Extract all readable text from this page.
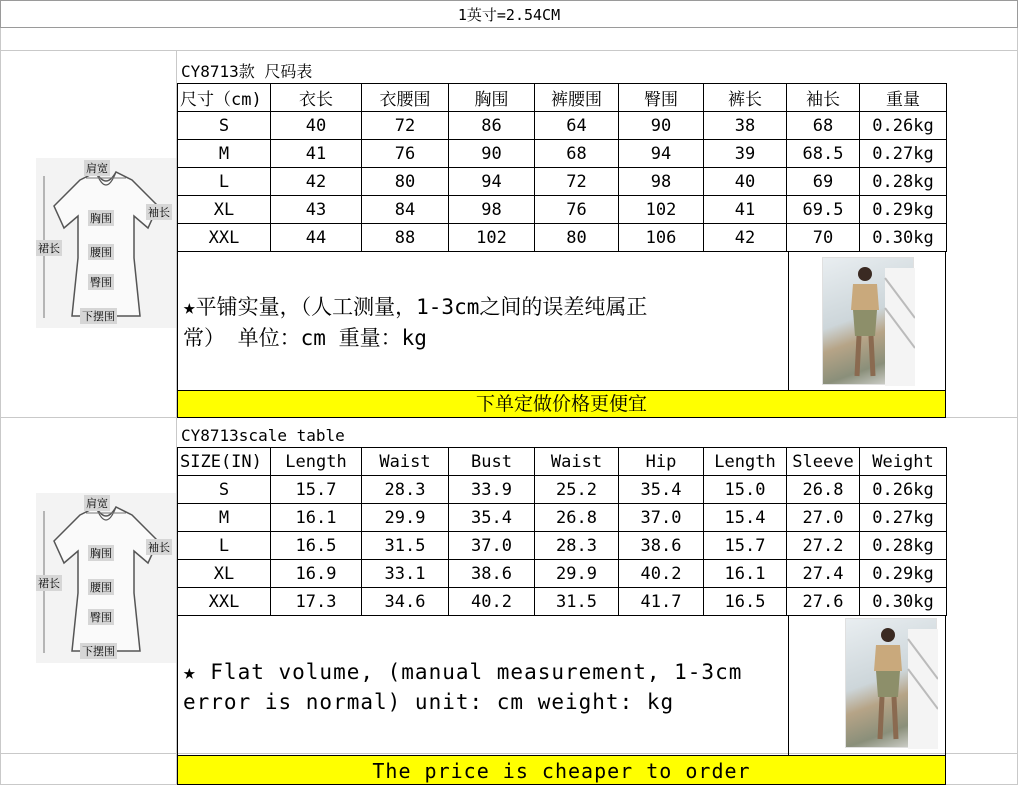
1英寸=2.54CM
肩宽
袖长
胸围
裙长	腰围
臀围
下摆围
CY8713款 尺码表
尺寸（cm)	衣长	衣腰围	胸围	裤腰围	臀围	裤长	袖长	重量
S	40	72	86	64	90	38	68	0.26kg
M	41	76	90	68	94	39	68.5	0.27kg
L	42	80	94	72	98	40	69	0.28kg
XL	43	84	98	76	102	41	69.5	0.29kg
XXL	44	88	102	80	106	42	70	0.30kg
★平铺实量，（人工测量，1-3cm之间的误差纯属正
常） 单位：cm 重量：kg
下单定做价格更便宜
肩宽
袖长
胸围
裙长	腰围
臀围
下摆围
CY8713scale table
SIZE(IN)	Length	Waist	Bust	Waist	Hip	Length	Sleeve	Weight
S	15.7	28.3	33.9	25.2	35.4	15.0	26.8	0.26kg
M	16.1	29.9	35.4	26.8	37.0	15.4	27.0	0.27kg
L	16.5	31.5	37.0	28.3	38.6	15.7	27.2	0.28kg
XL	16.9	33.1	38.6	29.9	40.2	16.1	27.4	0.29kg
XXL	17.3	34.6	40.2	31.5	41.7	16.5	27.6	0.30kg
★ Flat volume, (manual measurement, 1-3cm
error is normal) unit: cm weight: kg
The price is cheaper to order
